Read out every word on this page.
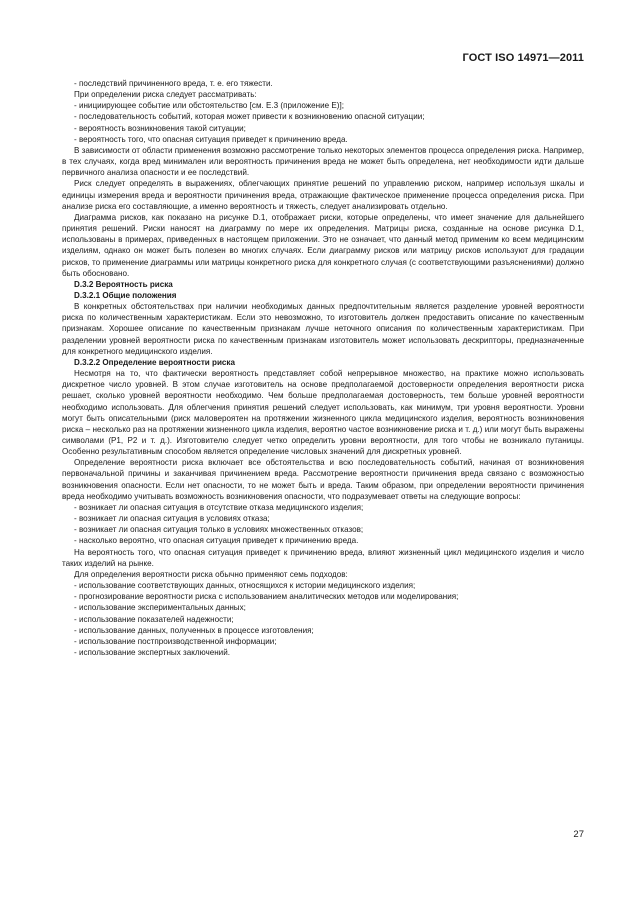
ГОСТ ISO 14971—2011

- последствий причиненного вреда, т. е. его тяжести.

При определении риска следует рассматривать:

- инициирующее событие или обстоятельство [см. Е.3 (приложение Е)];

- последовательность событий, которая может привести к возникновению опасной ситуации;

- вероятность возникновения такой ситуации;

- вероятность того, что опасная ситуация приведет к причинению вреда.

В зависимости от области применения возможно рассмотрение только некоторых элементов процесса определения риска. Например, в тех случаях, когда вред минимален или вероятность причинения вреда не может быть определена, нет необходимости идти дальше первичного анализа опасности и ее последствий.

Риск следует определять в выражениях, облегчающих принятие решений по управлению риском, например используя шкалы и единицы измерения вреда и вероятности причинения вреда, отражающие фактическое применение процесса определения риска. При анализе риска его составляющие, а именно вероятность и тяжесть, следует анализировать отдельно.

Диаграмма рисков, как показано на рисунке D.1, отображает риски, которые определены, что имеет значение для дальнейшего принятия решений. Риски наносят на диаграмму по мере их определения. Матрицы риска, созданные на основе рисунка D.1, использованы в примерах, приведенных в настоящем приложении. Это не означает, что данный метод применим ко всем медицинским изделиям, однако он может быть полезен во многих случаях. Если диаграмму рисков или матрицу рисков используют для градации рисков, то применение диаграммы или матрицы конкретного риска для конкретного случая (с соответствующими разъяснениями) должно быть обосновано.

D.3.2 Вероятность риска

D.3.2.1 Общие положения

В конкретных обстоятельствах при наличии необходимых данных предпочтительным является разделение уровней вероятности риска по количественным характеристикам. Если это невозможно, то изготовитель должен предоставить описание по качественным признакам. Хорошее описание по качественным признакам лучше неточного описания по количественным характеристикам. При разделении уровней вероятности риска по качественным признакам изготовитель может использовать дескрипторы, предназначенные для конкретного медицинского изделия.

D.3.2.2 Определение вероятности риска

Несмотря на то, что фактически вероятность представляет собой непрерывное множество, на практике можно использовать дискретное число уровней. В этом случае изготовитель на основе предполагаемой достоверности определения вероятности риска решает, сколько уровней вероятности необходимо. Чем больше предполагаемая достоверность, тем больше уровней вероятности необходимо использовать. Для облегчения принятия решений следует использовать, как минимум, три уровня вероятности. Уровни могут быть описательными (риск маловероятен на протяжении жизненного цикла медицинского изделия, вероятность возникновения риска – несколько раз на протяжении жизненного цикла изделия, вероятно частое возникновение риска и т. д.) или могут быть выражены символами (P1, P2 и т. д.). Изготовителю следует четко определить уровни вероятности, для того чтобы не возникало путаницы. Особенно результативным способом является определение числовых значений для дискретных уровней.

Определение вероятности риска включает все обстоятельства и всю последовательность событий, начиная от возникновения первоначальной причины и заканчивая причинением вреда. Рассмотрение вероятности причинения вреда связано с возможностью возникновения опасности. Если нет опасности, то не может быть и вреда. Таким образом, при определении вероятности причинения вреда необходимо учитывать возможность возникновения опасности, что подразумевает ответы на следующие вопросы:

- возникает ли опасная ситуация в отсутствие отказа медицинского изделия;

- возникает ли опасная ситуация в условиях отказа;

- возникает ли опасная ситуация только в условиях множественных отказов;

- насколько вероятно, что опасная ситуация приведет к причинению вреда.

На вероятность того, что опасная ситуация приведет к причинению вреда, влияют жизненный цикл медицинского изделия и число таких изделий на рынке.

Для определения вероятности риска обычно применяют семь подходов:

- использование соответствующих данных, относящихся к истории медицинского изделия;

- прогнозирование вероятности риска с использованием аналитических методов или моделирования;

- использование экспериментальных данных;

- использование показателей надежности;

- использование данных, полученных в процессе изготовления;

- использование постпроизводственной информации;

- использование экспертных заключений.

27
